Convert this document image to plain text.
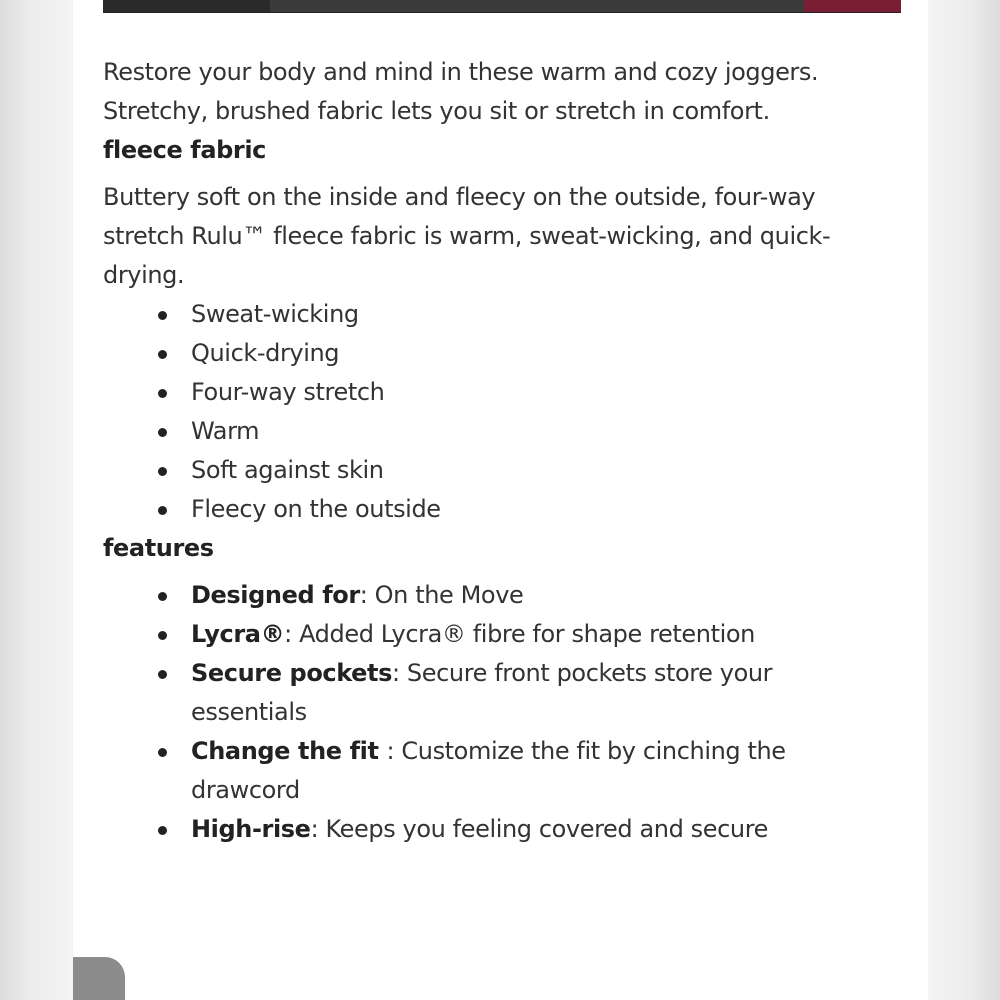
Restore your body and mind in these warm and cozy joggers. Stretchy, brushed fabric lets you sit or stretch in comfort.

fleece fabric

Buttery soft on the inside and fleecy on the outside, four-way stretch Rulu™ fleece fabric is warm, sweat-wicking, and quick-drying.

Sweat-wicking
Quick-drying
Four-way stretch
Warm
Soft against skin
Fleecy on the outside

features

Designed for: On the Move
Lycra®: Added Lycra® fibre for shape retention
Secure pockets: Secure front pockets store your essentials
Change the fit : Customize the fit by cinching the drawcord
High-rise: Keeps you feeling covered and secure
